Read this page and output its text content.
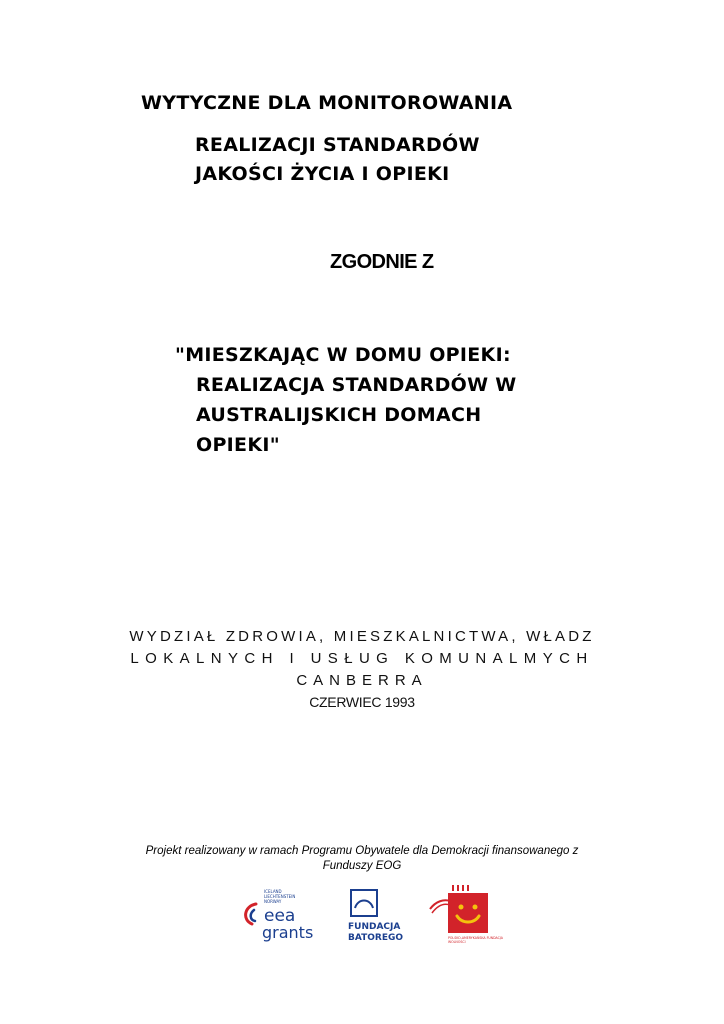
WYTYCZNE DLA MONITOROWANIA
REALIZACJI STANDARDÓW
JAKOŚCI ŻYCIA I OPIEKI
ZGODNIE Z
"MIESZKAJĄC W DOMU OPIEKI:
REALIZACJA STANDARDÓW W
AUSTRALIJSKICH DOMACH
OPIEKI"
WYDZIAŁ ZDROWIA, MIESZKALNICTWA, WŁADZ
LOKALNYCH I USŁUG KOMUNALMYCH
CANBERRA
CZERWIEC 1993
Projekt realizowany w ramach Programu Obywatele dla Demokracji finansowanego z
Funduszy EOG
ICELAND
LIECHTENSTEIN
NORWAY
eea
grants	FUNDACJA
BATOREGO	POLSKO-AMERYKAŃSKA FUNDACJA
WOLNOŚCI
